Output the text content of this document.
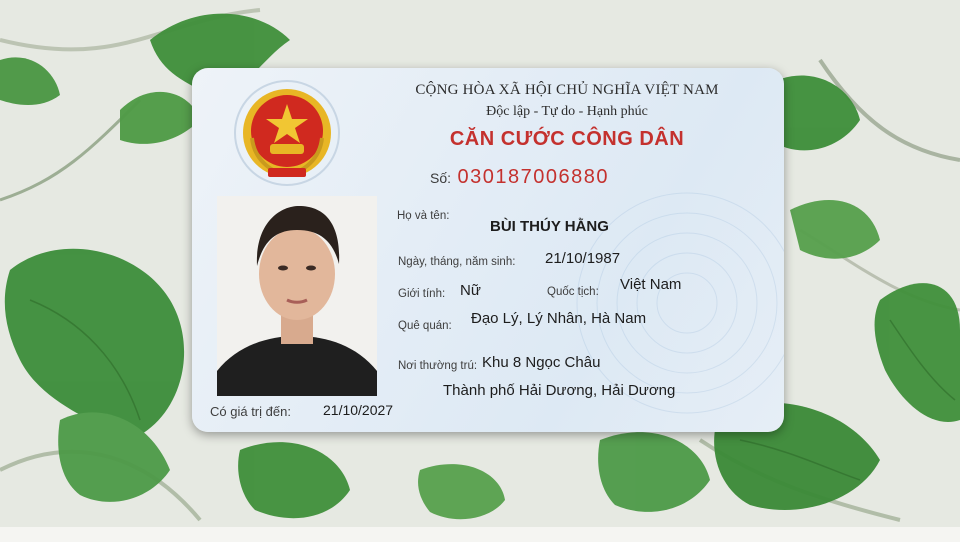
CỘNG HÒA XÃ HỘI CHỦ NGHĨA VIỆT NAM
Độc lập - Tự do - Hạnh phúc
CĂN CƯỚC CÔNG DÂN
Số: 030187006880
Họ và tên:
BÙI THÚY HẰNG
Ngày, tháng, năm sinh: 21/10/1987
Giới tính: Nữ	Quốc tịch: Việt Nam
Quê quán: Đạo Lý, Lý Nhân, Hà Nam
Nơi thường trú: Khu 8 Ngọc Châu
Thành phố Hải Dương, Hải Dương
Có giá trị đến: 21/10/2027
